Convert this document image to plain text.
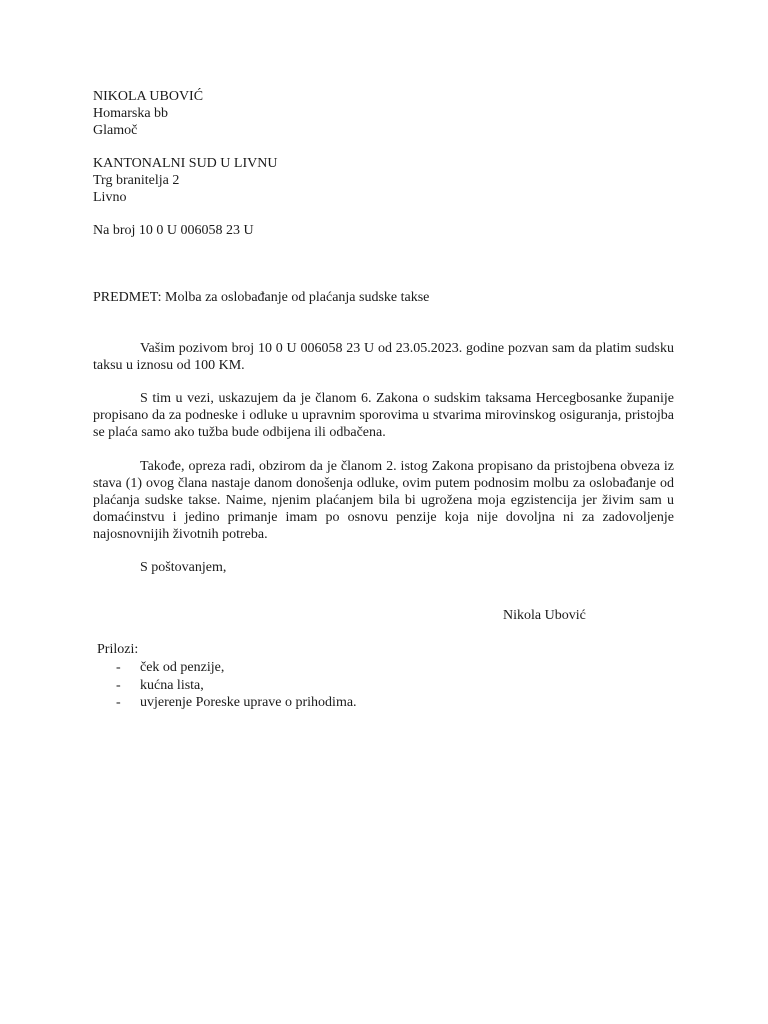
NIKOLA UBOVIĆ
Homarska bb
Glamoč
KANTONALNI SUD U LIVNU
Trg branitelja 2
Livno
Na broj 10 0 U 006058 23 U
PREDMET: Molba za oslobađanje od plaćanja sudske takse
Vašim pozivom broj 10 0 U 006058 23 U od 23.05.2023. godine pozvan sam da platim sudsku taksu u iznosu od 100 KM.
S tim u vezi, uskazujem da je članom 6. Zakona o sudskim taksama Hercegbosanke županije propisano da za podneske i odluke u upravnim sporovima u stvarima mirovinskog osiguranja, pristojba se plaća samo ako tužba bude odbijena ili odbačena.
Takođe, opreza radi, obzirom da je članom 2. istog Zakona propisano da pristojbena obveza iz stava (1) ovog člana nastaje danom donošenja odluke, ovim putem podnosim molbu za oslobađanje od plaćanja sudske takse. Naime, njenim plaćanjem bila bi ugrožena moja egzistencija jer živim sam u domaćinstvu i jedino primanje imam po osnovu penzije koja nije dovoljna ni za zadovoljenje najosnovnijih životnih potreba.
S poštovanjem,
Nikola Ubović
Prilozi:
- ček od penzije,
- kućna lista,
- uvjerenje Poreske uprave o prihodima.
